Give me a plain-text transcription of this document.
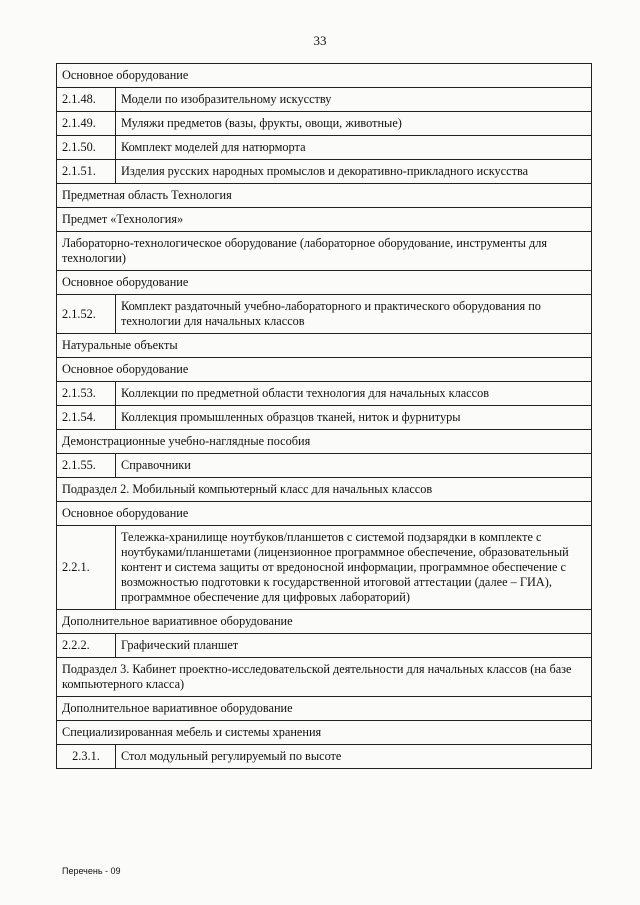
33
Основное оборудование	
2.1.48.	Модели по изобразительному искусству
2.1.49.	Муляжи предметов (вазы, фрукты, овощи, животные)
2.1.50.	Комплект моделей для натюрморта
2.1.51.	Изделия русских народных промыслов и декоративно-прикладного искусства
Предметная область Технология	
Предмет «Технология»	
Лабораторно-технологическое оборудование (лабораторное оборудование, инструменты для технологии)	
Основное оборудование	
2.1.52.	Комплект раздаточный учебно-лабораторного и практического оборудования по технологии для начальных классов
Натуральные объекты	
Основное оборудование	
2.1.53.	Коллекции по предметной области технология для начальных классов
2.1.54.	Коллекция промышленных образцов тканей, ниток и фурнитуры
Демонстрационные учебно-наглядные пособия	
2.1.55.	Справочники
Подраздел 2. Мобильный компьютерный класс для начальных классов	
Основное оборудование	
2.2.1.	Тележка-хранилище ноутбуков/планшетов с системой подзарядки в комплекте с ноутбуками/планшетами (лицензионное программное обеспечение, образовательный контент и система защиты от вредоносной информации, программное обеспечение с возможностью подготовки к государственной итоговой аттестации (далее – ГИА), программное обеспечение для цифровых лабораторий)
Дополнительное вариативное оборудование	
2.2.2.	Графический планшет
Подраздел 3. Кабинет проектно-исследовательской деятельности для начальных классов (на базе компьютерного класса)	
Дополнительное вариативное оборудование	
Специализированная мебель и системы хранения	
2.3.1.	Стол модульный регулируемый по высоте
Перечень - 09
